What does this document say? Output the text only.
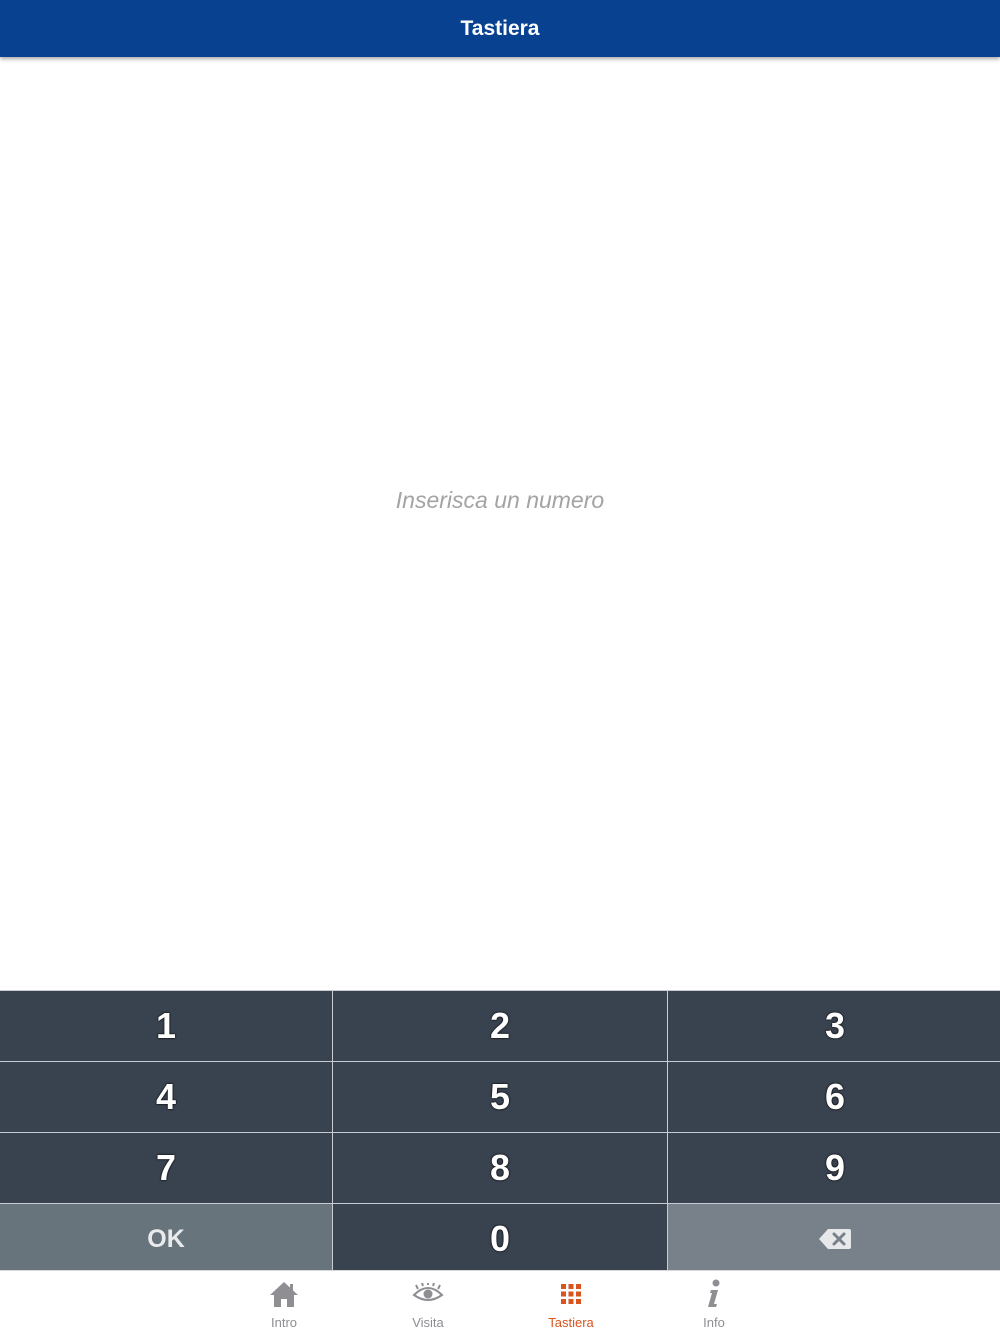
Tastiera
Inserisca un numero
1	2	3
4	5	6
7	8	9
OK	0
Intro	Visita	Tastiera	Info
